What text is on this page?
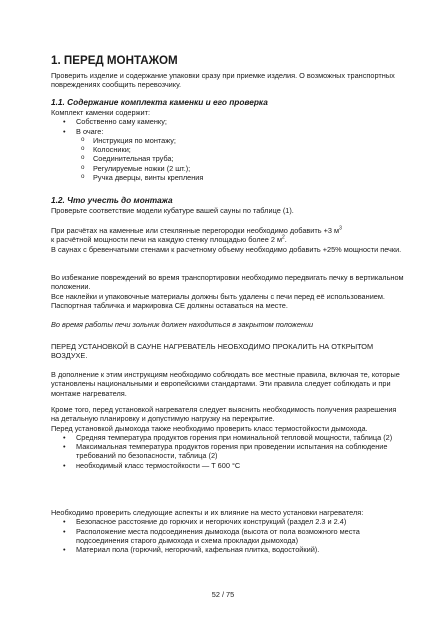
1. ПЕРЕД МОНТАЖОМ

Проверить изделие и содержание упаковки сразу при приемке изделия. О возможных транспортных повреждениях сообщить перевозчику.

1.1. Содержание комплекта каменки и его проверка

Комплект каменки содержит:

• Собственно саму каменку;
• В очаге:
o Инструкция по монтажу;
o Колосники;
o Соединительная труба;
o Регулируемые ножки (2 шт.);
o Ручка дверцы, винты крепления
1.2. Что учесть до монтажа

Проверьте соответствие модели кубатуре вашей сауны по таблице (1).

При расчётах на каменные или стеклянные перегородки необходимо добавить +3 $м^3$

к расчётной мощности печи на каждую стенку площадью более 2 $м^2$.

В саунах с бревенчатыми стенами к расчетному объему необходимо добавить +25% мощности печки.

Во избежание повреждений во время транспортировки необходимо передвигать печку в вертикальном положении.

Все наклейки и упаковочные материалы должны быть удалены с печи перед её использованием. Паспортная табличка и маркировка CE должны оставаться на месте.

Во время работы печи зольник должен находиться в закрытом положении

ПЕРЕД УСТАНОВКОЙ В САУНЕ НАГРЕВАТЕЛЬ НЕОБХОДИМО ПРОКАЛИТЬ НА ОТКРЫТОМ ВОЗДУХЕ.

В дополнение к этим инструкциям необходимо соблюдать все местные правила, включая те, которые установлены национальными и европейскими стандартами. Эти правила следует соблюдать и при монтаже нагревателя.

Кроме того, перед установкой нагревателя следует выяснить необходимость получения разрешения на детальную планировку и допустимую нагрузку на перекрытие.

Перед установкой дымохода также необходимо проверить класс термостойкости дымохода.

• Средняя температура продуктов горения при номинальной тепловой мощности, таблица (2)
• Максимальная температура продуктов горения при проведении испытания на соблюдение требований по безопасности, таблица (2)
• необходимый класс термостойкости — T 600 °C

Необходимо проверить следующие аспекты и их влияние на место установки нагревателя:

• Безопасное расстояние до горючих и негорючих конструкций (раздел 2.3 и 2.4)
• Расположение места подсоединения дымохода (высота от пола возможного места подсоединения старого дымохода и схема прокладки дымохода)
• Материал пола (горючий, негорючий, кафельная плитка, водостойкий).
52 / 75
